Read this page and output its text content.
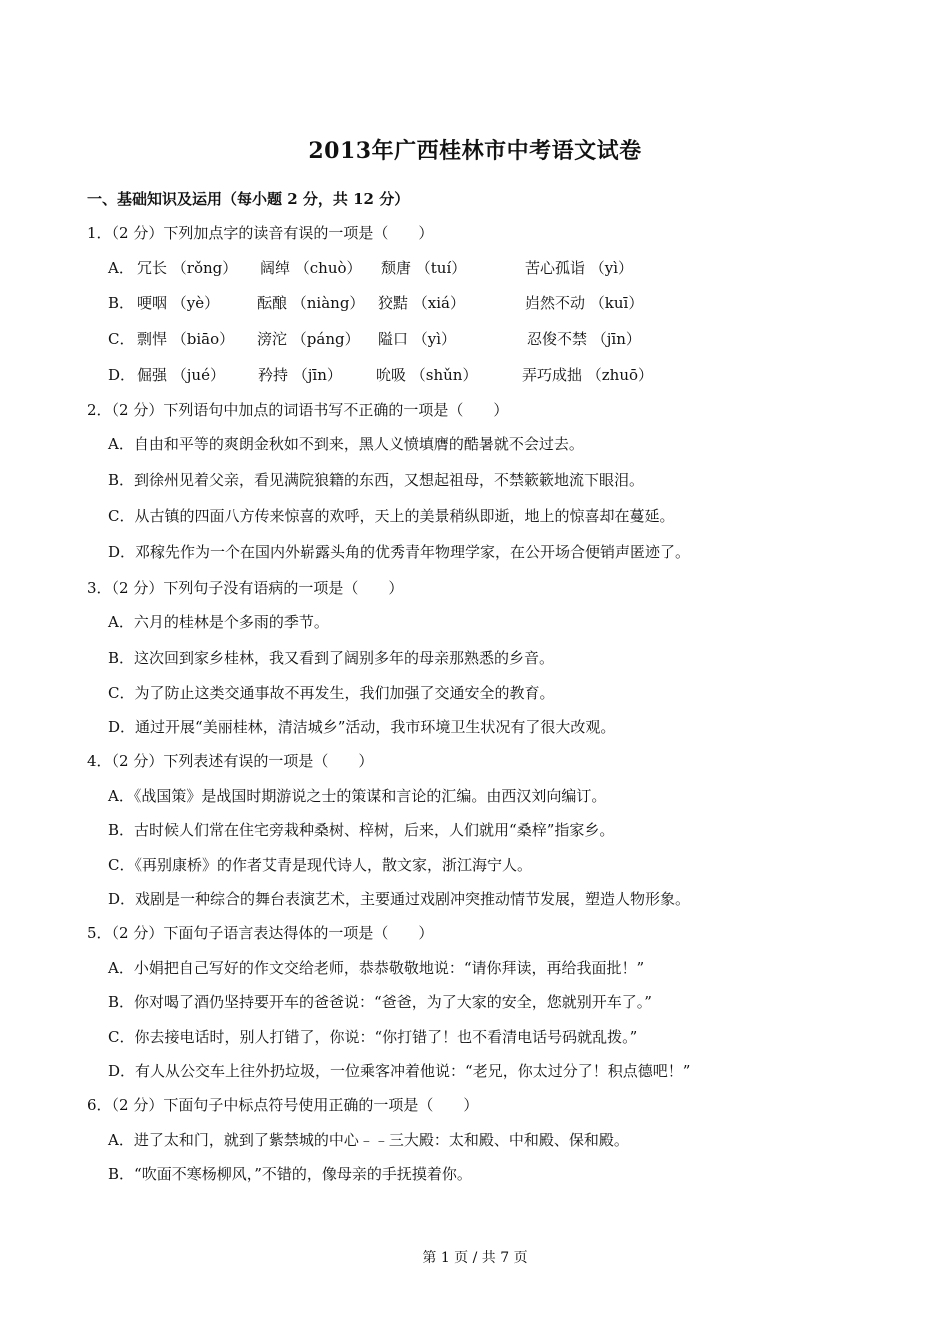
2013年广西桂林市中考语文试卷
一、基础知识及运用（每小题 2 分，共 12 分）
1．（2 分）下列加点字的读音有误的一项是（　　）
A． 冗长 （rǒng） 阔绰 （chuò） 颓唐 （tuí）	苦心孤诣 （yì）
B． 哽咽 （yè）	酝酿 （niàng） 狡黠 （xiá）	岿然不动 （kuī）
C． 剽悍 （biāo） 滂沱 （páng） 隘口 （yì）	忍俊不禁 （jīn）
D． 倔强 （jué） 矜持 （jīn） 吮吸 （shǔn）	弄巧成拙 （zhuō）
2．（2 分）下列语句中加点的词语书写不正确的一项是（　　）
A．自由和平等的爽朗金秋如不到来，黑人义愤填膺的酷暑就不会过去。
B．到徐州见着父亲，看见满院狼籍的东西，又想起祖母，不禁簌簌地流下眼泪。
C．从古镇的四面八方传来惊喜的欢呼，天上的美景稍纵即逝，地上的惊喜却在蔓延。
D．邓稼先作为一个在国内外崭露头角的优秀青年物理学家，在公开场合便销声匿迹了。
3．（2 分）下列句子没有语病的一项是（　　）
A．六月的桂林是个多雨的季节。
B．这次回到家乡桂林，我又看到了阔别多年的母亲那熟悉的乡音。
C．为了防止这类交通事故不再发生，我们加强了交通安全的教育。
D．通过开展“美丽桂林，清洁城乡”活动，我市环境卫生状况有了很大改观。
4．（2 分）下列表述有误的一项是（　　）
A．《战国策》是战国时期游说之士的策谋和言论的汇编。由西汉刘向编订。
B．古时候人们常在住宅旁栽种桑树、梓树，后来，人们就用“桑梓”指家乡。
C．《再别康桥》的作者艾青是现代诗人，散文家，浙江海宁人。
D．戏剧是一种综合的舞台表演艺术，主要通过戏剧冲突推动情节发展，塑造人物形象。
5．（2 分）下面句子语言表达得体的一项是（　　）
A．小娟把自己写好的作文交给老师，恭恭敬敬地说：“请你拜读，再给我面批！”
B．你对喝了酒仍坚持要开车的爸爸说：“爸爸，为了大家的安全，您就别开车了。”
C．你去接电话时，别人打错了，你说：“你打错了！也不看清电话号码就乱拨。”
D．有人从公交车上往外扔垃圾，一位乘客冲着他说：“老兄，你太过分了！积点德吧！”
6．（2 分）下面句子中标点符号使用正确的一项是（　　）
A．进了太和门，就到了紫禁城的中心﹣﹣三大殿：太和殿、中和殿、保和殿。
B．“吹面不寒杨柳风，”不错的，像母亲的手抚摸着你。
第 1 页 / 共 7 页
